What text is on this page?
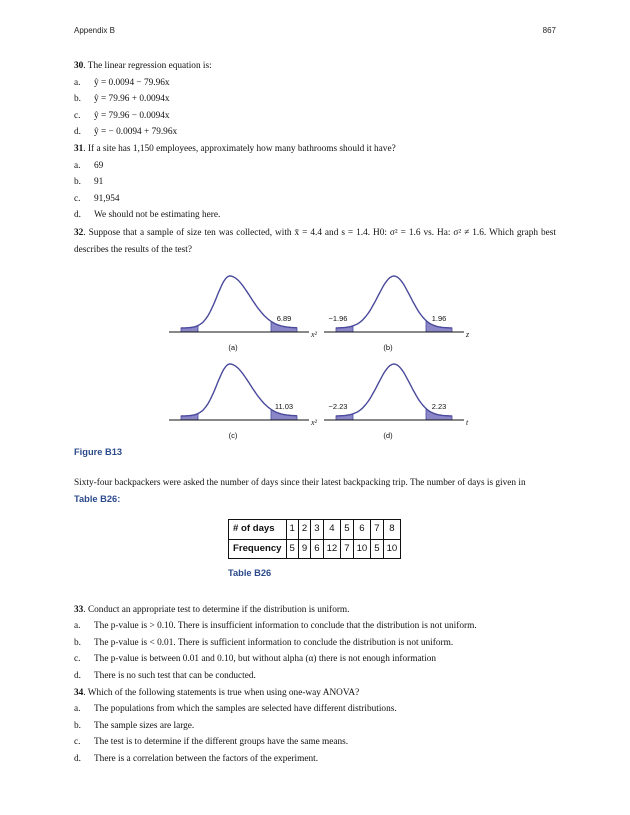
Appendix B	867

30. The linear regression equation is:

a.	ŷ = 0.0094 − 79.96x
b.	ŷ = 79.96 + 0.0094x
c.	ŷ = 79.96 − 0.0094x
d.	ŷ = − 0.0094 + 79.96x

31. If a site has 1,150 employees, approximately how many bathrooms should it have?

a.	69
b.	91
c.	91,954
d.	We should not be estimating here.

32. Suppose that a sample of size ten was collected, with x̄ = 4.4 and s = 1.4. H0: σ² = 1.6 vs. Ha: σ² ≠ 1.6. Which graph best describes the results of the test?

x²
6.89
(a)
z
1.96
−1.96
(b)
x²
11.03
(c)
t
2.23
−2.23
(d)

Figure B13

Sixty-four backpackers were asked the number of days since their latest backpacking trip. The number of days is given in
Table B26:

# of days	1	2	3	4	5	6	7	8
Frequency	5	9	6	12	7	10	5	10

Table B26

33. Conduct an appropriate test to determine if the distribution is uniform.

a.	The p-value is > 0.10. There is insufficient information to conclude that the distribution is not uniform.
b.	The p-value is < 0.01. There is sufficient information to conclude the distribution is not uniform.
c.	The p-value is between 0.01 and 0.10, but without alpha (α) there is not enough information
d.	There is no such test that can be conducted.

34. Which of the following statements is true when using one-way ANOVA?

a.	The populations from which the samples are selected have different distributions.
b.	The sample sizes are large.
c.	The test is to determine if the different groups have the same means.
d.	There is a correlation between the factors of the experiment.
